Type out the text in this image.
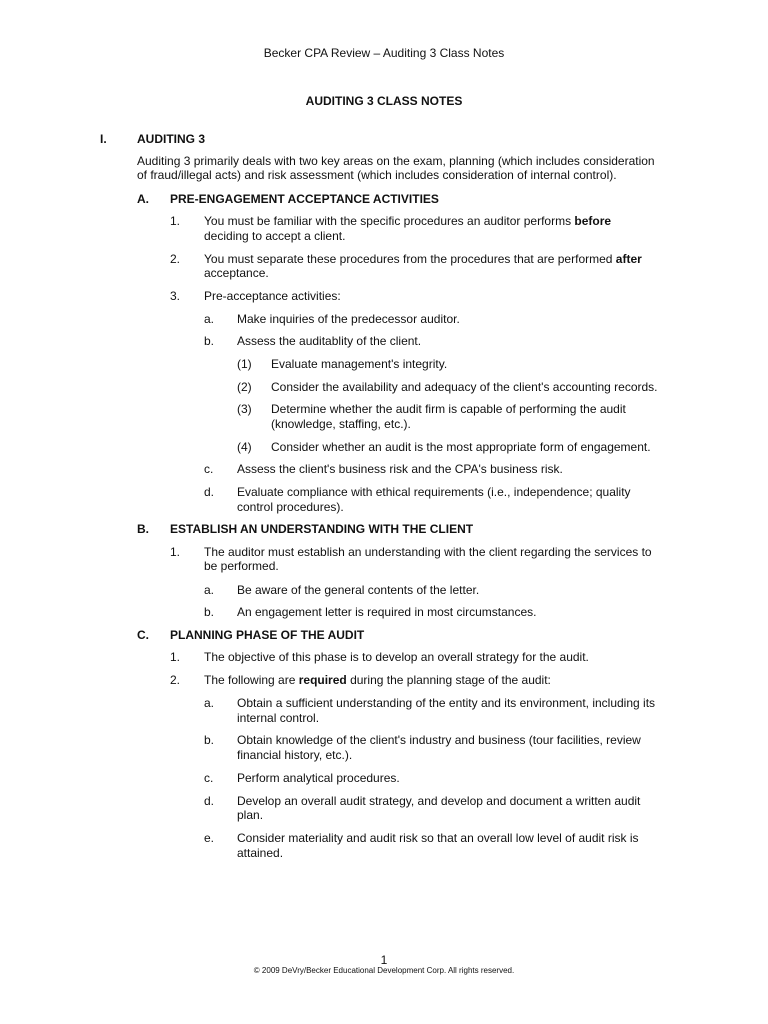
Becker CPA Review – Auditing 3 Class Notes
AUDITING 3 CLASS NOTES
I.	AUDITING 3
Auditing 3 primarily deals with two key areas on the exam, planning (which includes consideration
of fraud/illegal acts) and risk assessment (which includes consideration of internal control).
A. PRE-ENGAGEMENT ACCEPTANCE ACTIVITIES
1. You must be familiar with the specific procedures an auditor performs before
deciding to accept a client.
2. You must separate these procedures from the procedures that are performed after
acceptance.
3. Pre-acceptance activities:
a. Make inquiries of the predecessor auditor.
b. Assess the auditablity of the client.
(1) Evaluate management's integrity.
(2) Consider the availability and adequacy of the client's accounting records.
(3) Determine whether the audit firm is capable of performing the audit
(knowledge, staffing, etc.).
(4) Consider whether an audit is the most appropriate form of engagement.
c. Assess the client's business risk and the CPA's business risk.
d. Evaluate compliance with ethical requirements (i.e., independence; quality
control procedures).
B. ESTABLISH AN UNDERSTANDING WITH THE CLIENT
1. The auditor must establish an understanding with the client regarding the services to
be performed.
a. Be aware of the general contents of the letter.
b. An engagement letter is required in most circumstances.
C. PLANNING PHASE OF THE AUDIT
1. The objective of this phase is to develop an overall strategy for the audit.
2. The following are required during the planning stage of the audit:
a. Obtain a sufficient understanding of the entity and its environment, including its
internal control.
b. Obtain knowledge of the client's industry and business (tour facilities, review
financial history, etc.).
c. Perform analytical procedures.
d. Develop an overall audit strategy, and develop and document a written audit
plan.
e. Consider materiality and audit risk so that an overall low level of audit risk is
attained.
1
© 2009 DeVry/Becker Educational Development Corp. All rights reserved.
